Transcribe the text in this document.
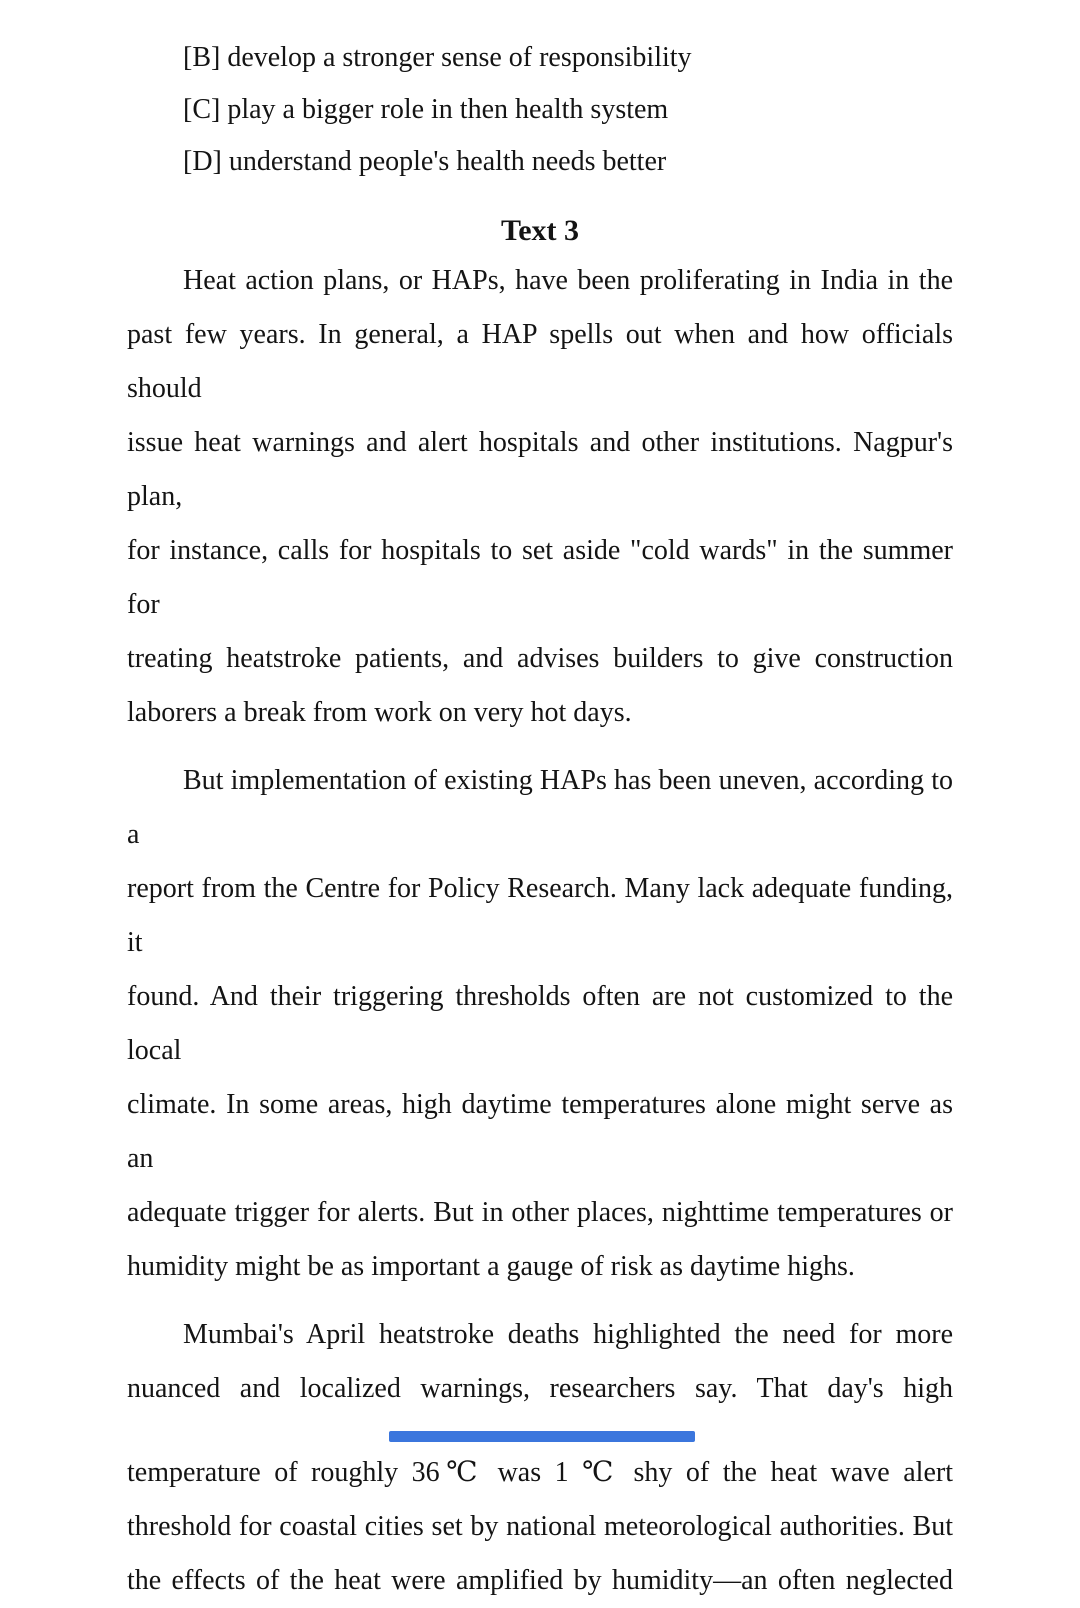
[B] develop a stronger sense of responsibility
[C] play a bigger role in then health system
[D] understand people's health needs better
Text 3
Heat action plans, or HAPs, have been proliferating in India in the
past few years. In general, a HAP spells out when and how officials should
issue heat warnings and alert hospitals and other institutions. Nagpur's plan,
for instance, calls for hospitals to set aside "cold wards" in the summer for
treating heatstroke patients, and advises builders to give construction
laborers a break from work on very hot days.
But implementation of existing HAPs has been uneven, according to a
report from the Centre for Policy Research. Many lack adequate funding, it
found. And their triggering thresholds often are not customized to the local
climate. In some areas, high daytime temperatures alone might serve as an
adequate trigger for alerts. But in other places, nighttime temperatures or
humidity might be as important a gauge of risk as daytime highs.
Mumbai's April heatstroke deaths highlighted the need for more
nuanced and localized warnings, researchers say. That day's high
temperature of roughly 36℃ was 1 ℃ shy of the heat wave alert
threshold for coastal cities set by national meteorological authorities. But
the effects of the heat were amplified by humidity—an often neglected
